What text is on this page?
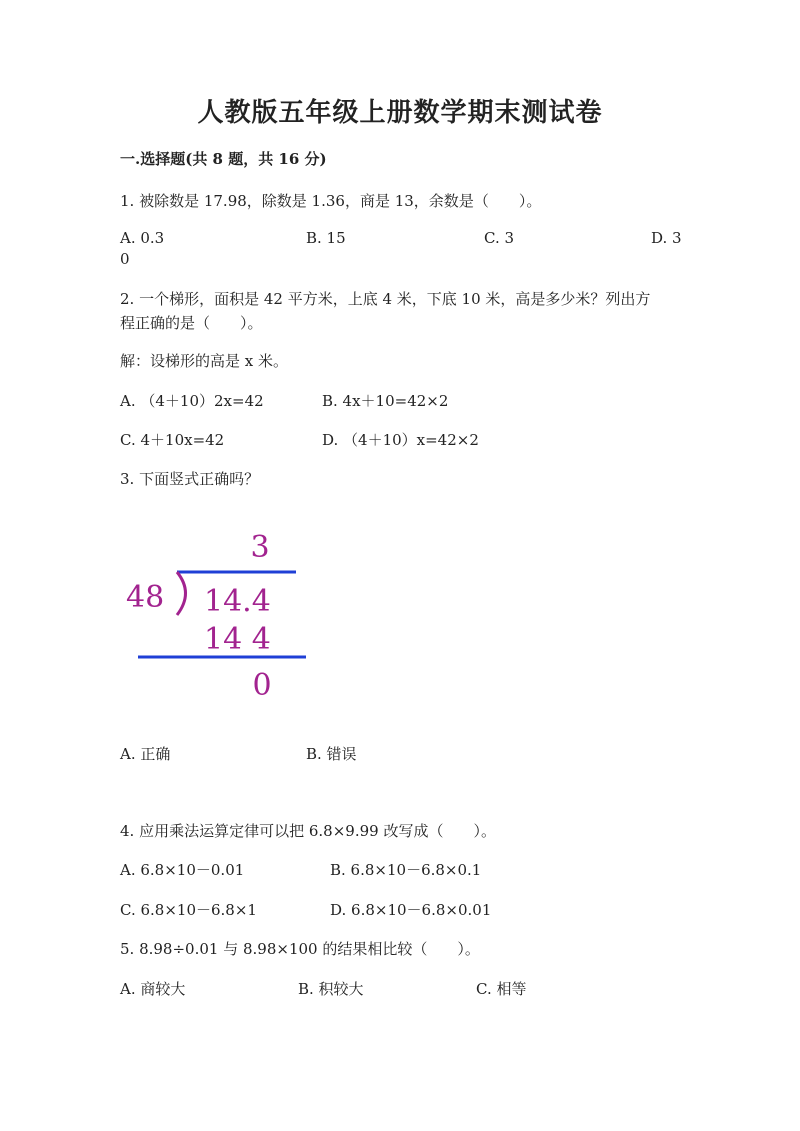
人教版五年级上册数学期末测试卷
一.选择题(共 8 题，共 16 分)
1. 被除数是 17.98，除数是 1.36，商是 13，余数是（　　）。
A. 0.3	B. 15	C. 3	D. 3
0
2. 一个梯形，面积是 42 平方米，上底 4 米，下底 10 米，高是多少米？列出方
程正确的是（　　）。
解：设梯形的高是 x 米。
A. （4＋10）2x=42	B. 4x＋10=42×2
C. 4＋10x=42	D. （4＋10）x=42×2
3. 下面竖式正确吗？
3
48 14.4
14 4
0
A. 正确	B. 错误
4. 应用乘法运算定律可以把 6.8×9.99 改写成（　　）。
A. 6.8×10－0.01	B. 6.8×10－6.8×0.1
C. 6.8×10－6.8×1	D. 6.8×10－6.8×0.01
5. 8.98÷0.01 与 8.98×100 的结果相比较（　　）。
A. 商较大	B. 积较大	C. 相等
